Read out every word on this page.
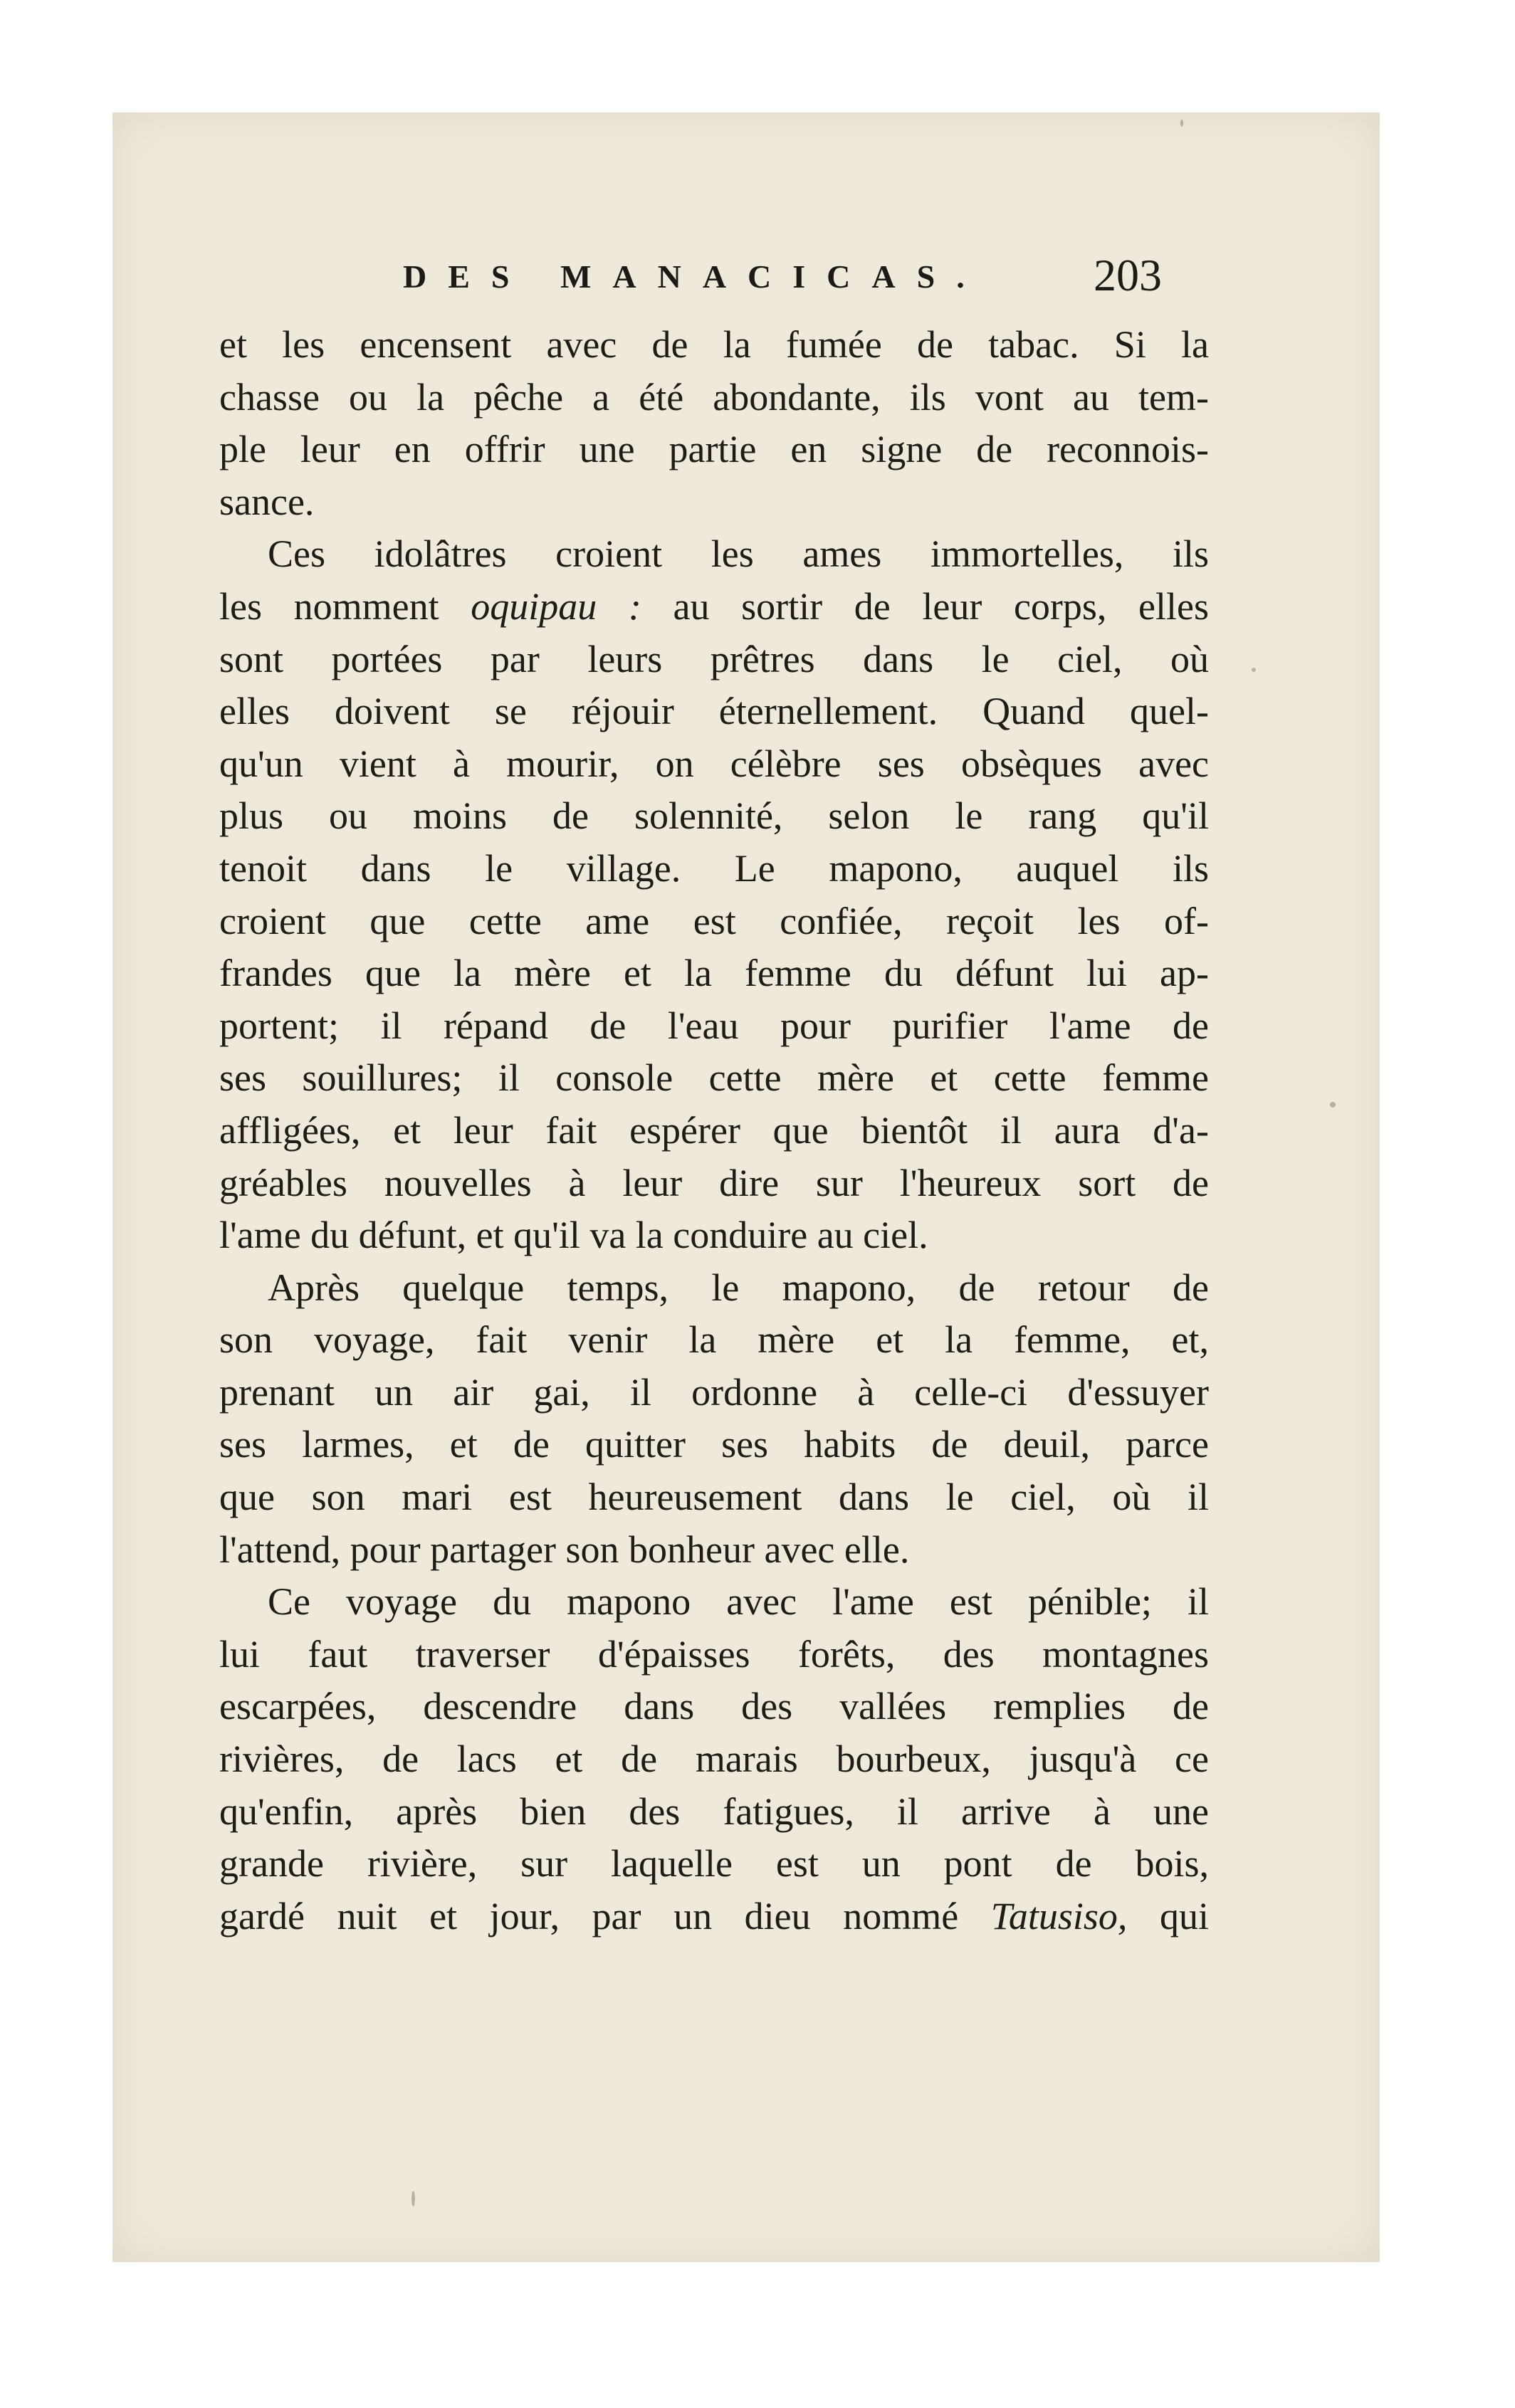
DES MANACICAS. 203
et les encensent avec de la fumée de tabac. Si la
chasse ou la pêche a été abondante, ils vont au tem-
ple leur en offrir une partie en signe de reconnois-
sance.
Ces idolâtres croient les ames immortelles, ils
les nomment oquipau : au sortir de leur corps, elles
sont portées par leurs prêtres dans le ciel, où
elles doivent se réjouir éternellement. Quand quel-
qu'un vient à mourir, on célèbre ses obsèques avec
plus ou moins de solennité, selon le rang qu'il
tenoit dans le village. Le mapono, auquel ils
croient que cette ame est confiée, reçoit les of-
frandes que la mère et la femme du défunt lui ap-
portent; il répand de l'eau pour purifier l'ame de
ses souillures; il console cette mère et cette femme
affligées, et leur fait espérer que bientôt il aura d'a-
gréables nouvelles à leur dire sur l'heureux sort de
l'ame du défunt, et qu'il va la conduire au ciel.
Après quelque temps, le mapono, de retour de
son voyage, fait venir la mère et la femme, et,
prenant un air gai, il ordonne à celle-ci d'essuyer
ses larmes, et de quitter ses habits de deuil, parce
que son mari est heureusement dans le ciel, où il
l'attend, pour partager son bonheur avec elle.
Ce voyage du mapono avec l'ame est pénible; il
lui faut traverser d'épaisses forêts, des montagnes
escarpées, descendre dans des vallées remplies de
rivières, de lacs et de marais bourbeux, jusqu'à ce
qu'enfin, après bien des fatigues, il arrive à une
grande rivière, sur laquelle est un pont de bois,
gardé nuit et jour, par un dieu nommé Tatusiso, qui
